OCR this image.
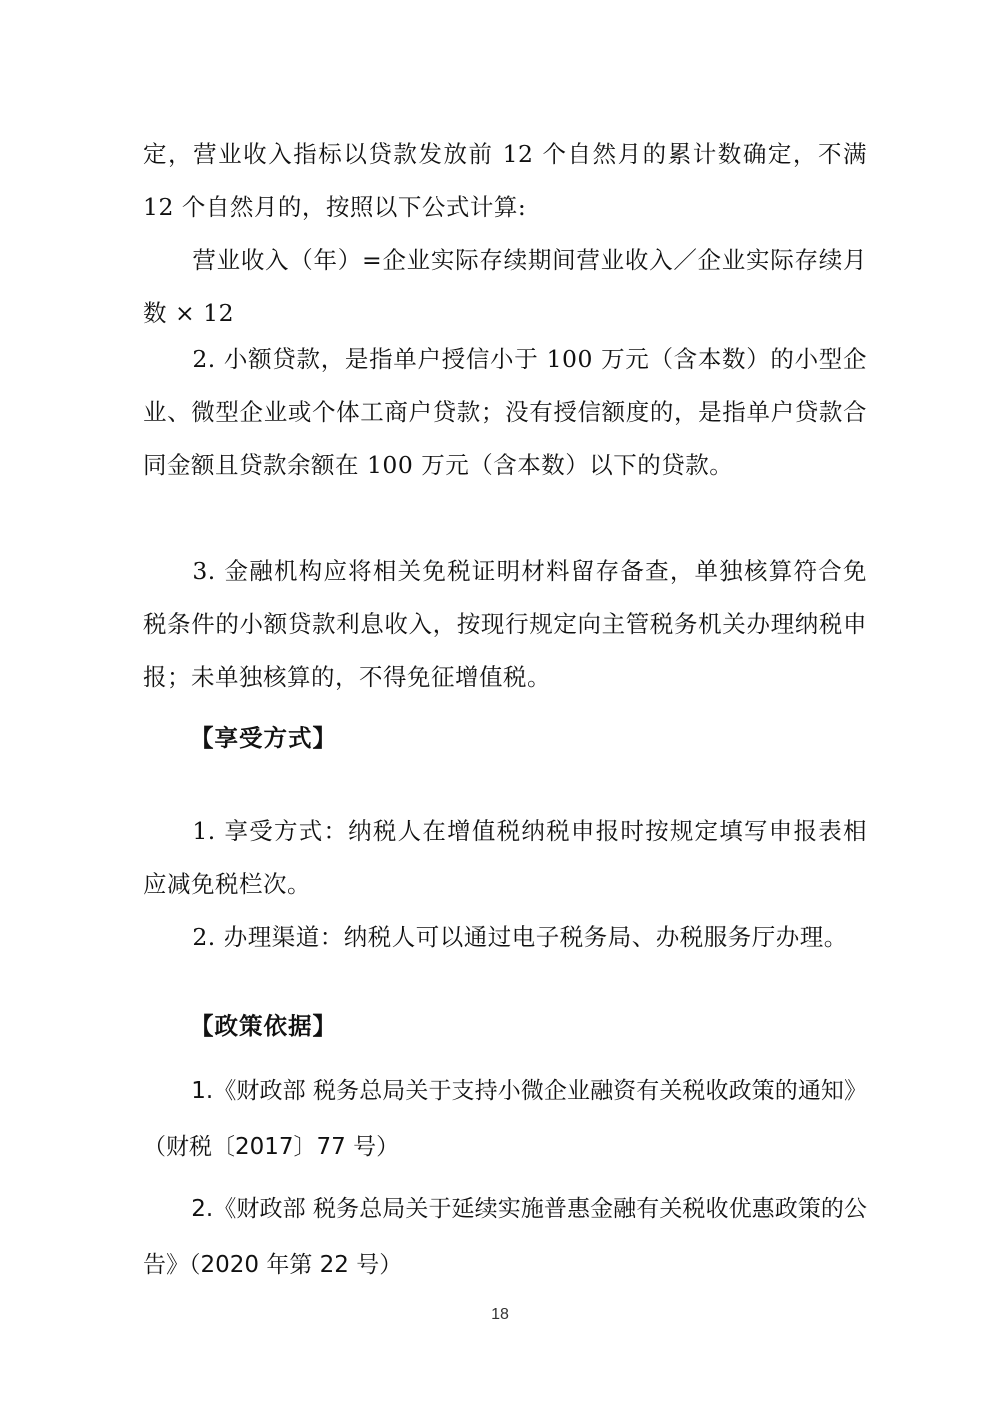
定，营业收入指标以贷款发放前 12 个自然月的累计数确定，不满 12 个自然月的，按照以下公式计算:

营业收入（年）=企业实际存续期间营业收入／企业实际存续月数 × 12

2. 小额贷款，是指单户授信小于 100 万元（含本数）的小型企业、微型企业或个体工商户贷款；没有授信额度的，是指单户贷款合同金额且贷款余额在 100 万元（含本数）以下的贷款。

3. 金融机构应将相关免税证明材料留存备查，单独核算符合免税条件的小额贷款利息收入，按现行规定向主管税务机关办理纳税申报；未单独核算的，不得免征增值税。

【享受方式】

1. 享受方式：纳税人在增值税纳税申报时按规定填写申报表相应减免税栏次。

2. 办理渠道：纳税人可以通过电子税务局、办税服务厅办理。

【政策依据】

1.《财政部 税务总局关于支持小微企业融资有关税收政策的通知》（财税〔2017〕77 号）

2.《财政部 税务总局关于延续实施普惠金融有关税收优惠政策的公告》（2020 年第 22 号）

18
